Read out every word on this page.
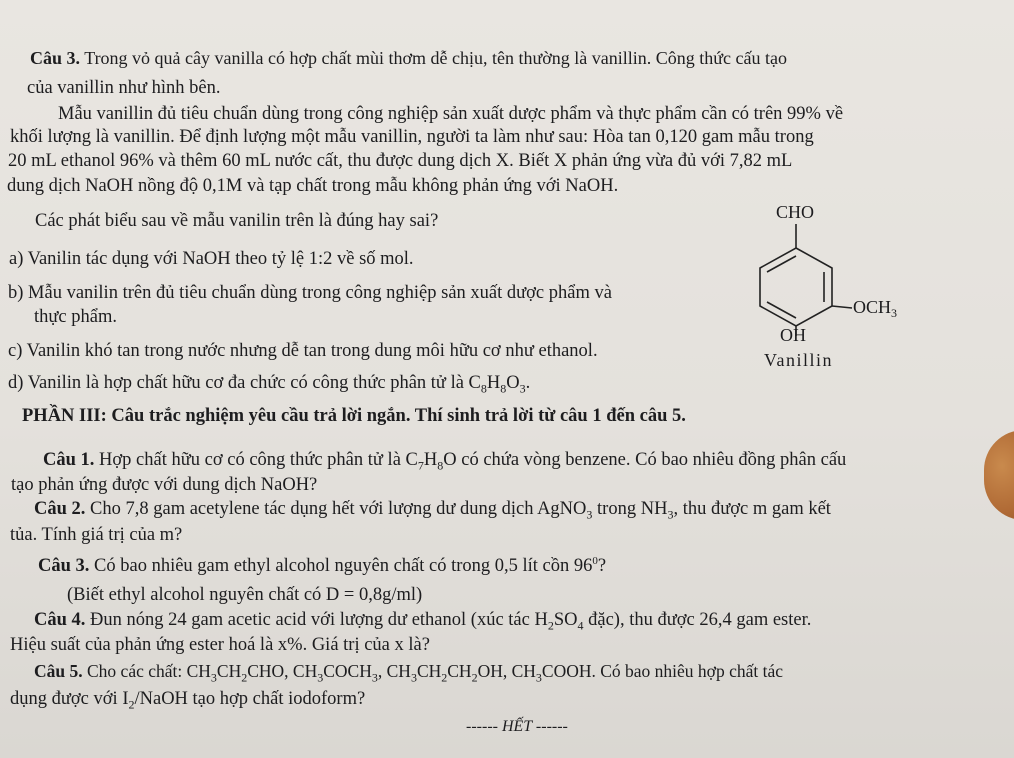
Câu 3. Trong vỏ quả cây vanilla có hợp chất mùi thơm dễ chịu, tên thường là vanillin. Công thức cấu tạo
của vanillin như hình bên.
Mẫu vanillin đủ tiêu chuẩn dùng trong công nghiệp sản xuất dược phẩm và thực phẩm cần có trên 99% về
khối lượng là vanillin. Để định lượng một mẫu vanillin, người ta làm như sau: Hòa tan 0,120 gam mẫu trong
20 mL ethanol 96% và thêm 60 mL nước cất, thu được dung dịch X. Biết X phản ứng vừa đủ với 7,82 mL
dung dịch NaOH nồng độ 0,1M và tạp chất trong mẫu không phản ứng với NaOH.
Các phát biểu sau về mẫu vanilin trên là đúng hay sai?
a) Vanilin tác dụng với NaOH theo tỷ lệ 1:2 về số mol.
b) Mẫu vanilin trên đủ tiêu chuẩn dùng trong công nghiệp sản xuất dược phẩm và
thực phẩm.
c) Vanilin khó tan trong nước nhưng dễ tan trong dung môi hữu cơ như ethanol.
d) Vanilin là hợp chất hữu cơ đa chức có công thức phân tử là $C_8H_8O_3$.
CHO
$OCH_3$
OH
Vanillin
PHẦN III: Câu trắc nghiệm yêu cầu trả lời ngắn. Thí sinh trả lời từ câu 1 đến câu 5.
Câu 1. Hợp chất hữu cơ có công thức phân tử là $C_7H_8O$ có chứa vòng benzene. Có bao nhiêu đồng phân cấu
tạo phản ứng được với dung dịch NaOH?
Câu 2. Cho 7,8 gam acetylene tác dụng hết với lượng dư dung dịch AgNO$_3$ trong $NH_3$, thu được m gam kết
tủa. Tính giá trị của m?
Câu 3. Có bao nhiêu gam ethyl alcohol nguyên chất có trong 0,5 lít cồn $96^0$?
(Biết ethyl alcohol nguyên chất có D = 0,8g/ml)
Câu 4. Đun nóng 24 gam acetic acid với lượng dư ethanol (xúc tác $H_2SO_4$ đặc), thu được 26,4 gam ester.
Hiệu suất của phản ứng ester hoá là x%. Giá trị của x là?
Câu 5. Cho các chất: $CH_3CH_2CHO$, $CH_3COCH_3$, $CH_3CH_2CH_2OH$, $CH_3COOH$. Có bao nhiêu hợp chất tác
dụng được với $I_2$/NaOH tạo hợp chất iodoform?
------ HẾT ------
